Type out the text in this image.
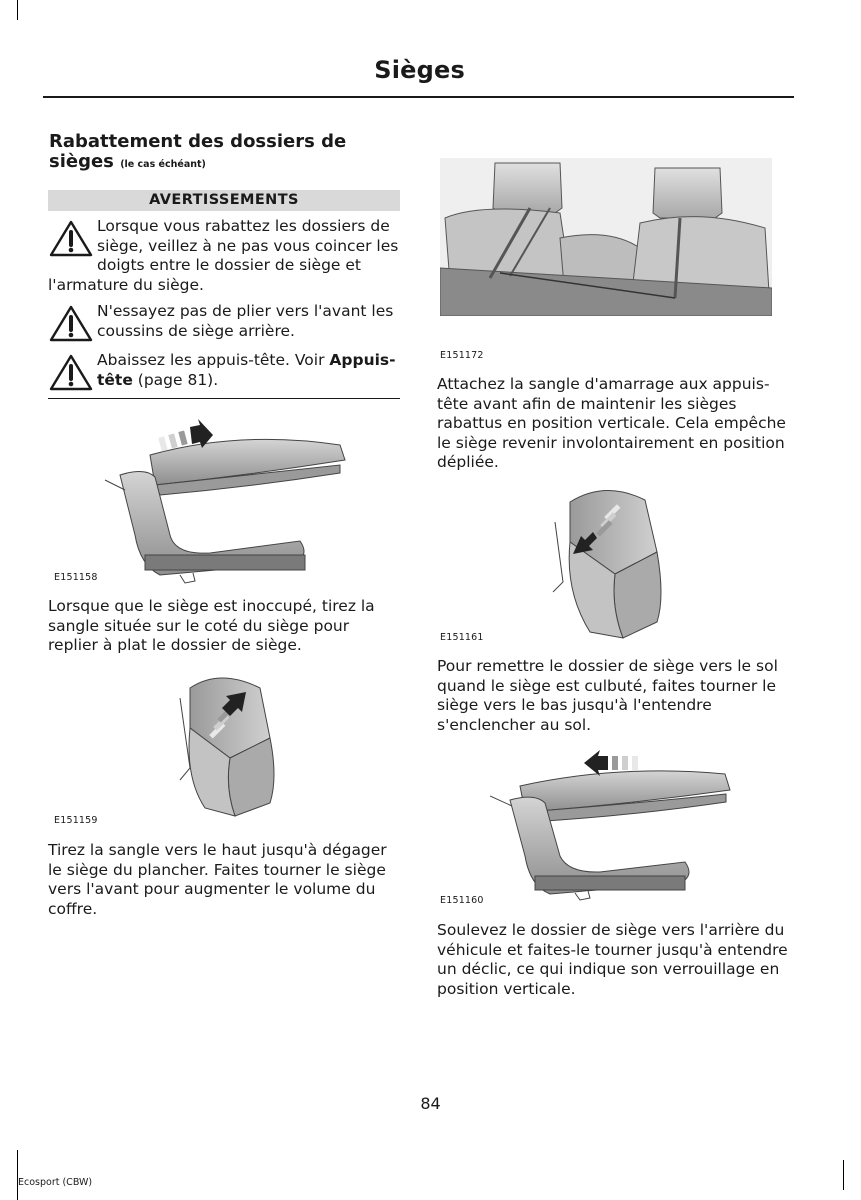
Sièges
Rabattement des dossiers de
sièges (le cas échéant)
AVERTISSEMENTS
Lorsque vous rabattez les dossiers de siège, veillez à ne pas vous coincer les doigts entre le dossier de siège et l'armature du siège.
N'essayez pas de plier vers l'avant les coussins de siège arrière.
Abaissez les appuis-tête. Voir Appuis-tête (page 81).
E151158
Lorsque que le siège est inoccupé, tirez la sangle située sur le coté du siège pour replier à plat le dossier de siège.
E151159
Tirez la sangle vers le haut jusqu'à dégager le siège du plancher. Faites tourner le siège vers l'avant pour augmenter le volume du coffre.
E151172
Attachez la sangle d'amarrage aux appuis-tête avant afin de maintenir les sièges rabattus en position verticale. Cela empêche le siège revenir involontairement en position dépliée.
E151161
Pour remettre le dossier de siège vers le sol quand le siège est culbuté, faites tourner le siège vers le bas jusqu'à l'entendre s'enclencher au sol.
E151160
Soulevez le dossier de siège vers l'arrière du véhicule et faites-le tourner jusqu'à entendre un déclic, ce qui indique son verrouillage en position verticale.
84
Ecosport (CBW)
